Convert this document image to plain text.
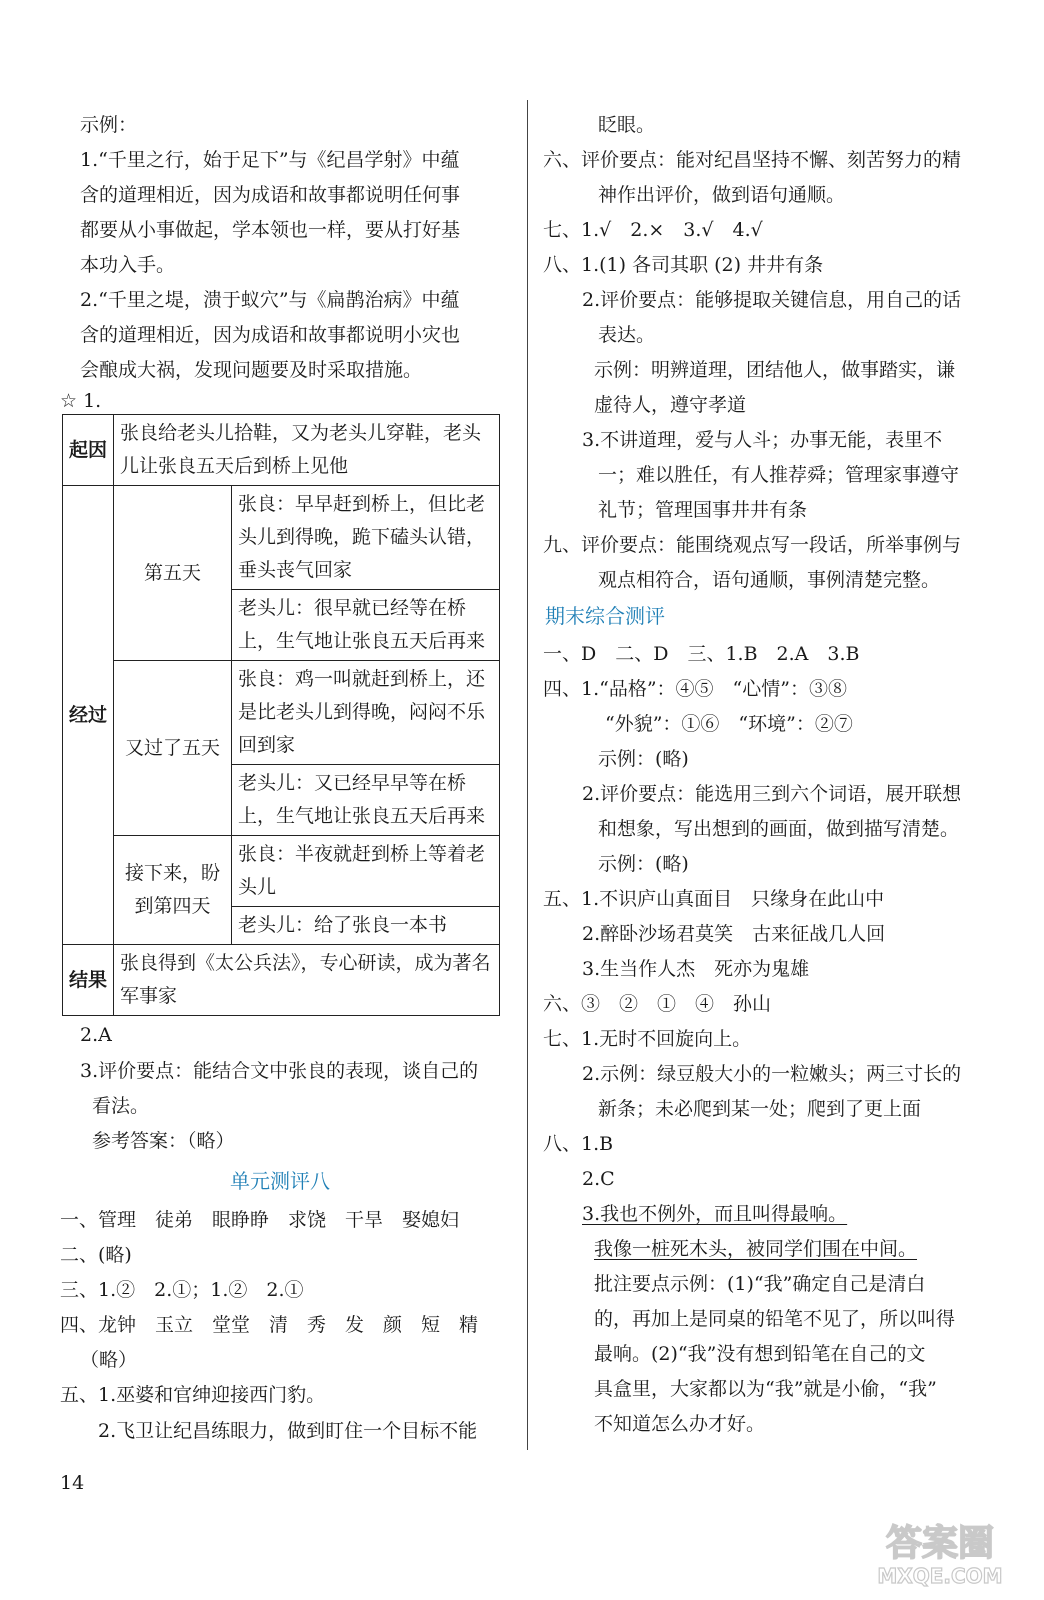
示例：
1.“千里之行，始于足下”与《纪昌学射》中蕴
含的道理相近，因为成语和故事都说明任何事
都要从小事做起，学本领也一样，要从打好基
本功入手。
2.“千里之堤，溃于蚁穴”与《扁鹊治病》中蕴
含的道理相近，因为成语和故事都说明小灾也
会酿成大祸，发现问题要及时采取措施。
☆ 1.
起因	张良给老头儿拾鞋，又为老头儿穿鞋，老头儿让张良五天后到桥上见他	
经过	第五天	张良：早早赶到桥上，但比老头儿到得晚，跪下磕头认错，垂头丧气回家
		老头儿：很早就已经等在桥上，生气地让张良五天后再来
	又过了五天	张良：鸡一叫就赶到桥上，还是比老头儿到得晚，闷闷不乐回到家
		老头儿：又已经早早等在桥上，生气地让张良五天后再来
	接下来，盼到第四天	张良：半夜就赶到桥上等着老头儿
		老头儿：给了张良一本书
结果	张良得到《太公兵法》，专心研读，成为著名军事家	
2.A
3.评价要点：能结合文中张良的表现，谈自己的
看法。
参考答案：（略）
单元测评八
一、管理　徒弟　眼睁睁　求饶　干旱　娶媳妇
二、(略)
三、1.②　2.①；1.②　2.①
四、龙钟　玉立　堂堂　清　秀　发　颜　短　精
（略）
五、1.巫婆和官绅迎接西门豹。
2.飞卫让纪昌练眼力，做到盯住一个目标不能
眨眼。
六、评价要点：能对纪昌坚持不懈、刻苦努力的精
神作出评价，做到语句通顺。
七、1.√　2.×　3.√　4.√
八、1.(1) 各司其职 (2) 井井有条
2.评价要点：能够提取关键信息，用自己的话
表达。
示例：明辨道理，团结他人，做事踏实，谦
虚待人，遵守孝道
3.不讲道理，爱与人斗；办事无能，表里不
一；难以胜任，有人推荐舜；管理家事遵守
礼节；管理国事井井有条
九、评价要点：能围绕观点写一段话，所举事例与
观点相符合，语句通顺，事例清楚完整。
期末综合测评
一、D　二、D　三、1.B　2.A　3.B
四、1.“品格”：④⑤　“心情”：③⑧
“外貌”：①⑥　“环境”：②⑦
示例：(略)
2.评价要点：能选用三到六个词语，展开联想
和想象，写出想到的画面，做到描写清楚。
示例：(略)
五、1.不识庐山真面目　只缘身在此山中
2.醉卧沙场君莫笑　古来征战几人回
3.生当作人杰　死亦为鬼雄
六、③　②　①　④　孙山
七、1.无时不回旋向上。
2.示例：绿豆般大小的一粒嫩头；两三寸长的
新条；未必爬到某一处；爬到了更上面
八、1.B
2.C
3.我也不例外，而且叫得最响。
我像一桩死木头，被同学们围在中间。
批注要点示例：(1)“我”确定自己是清白
的，再加上是同桌的铅笔不见了，所以叫得
最响。(2)“我”没有想到铅笔在自己的文
具盒里，大家都以为“我”就是小偷，“我”
不知道怎么办才好。
14
答案圈
MXQE.COM
